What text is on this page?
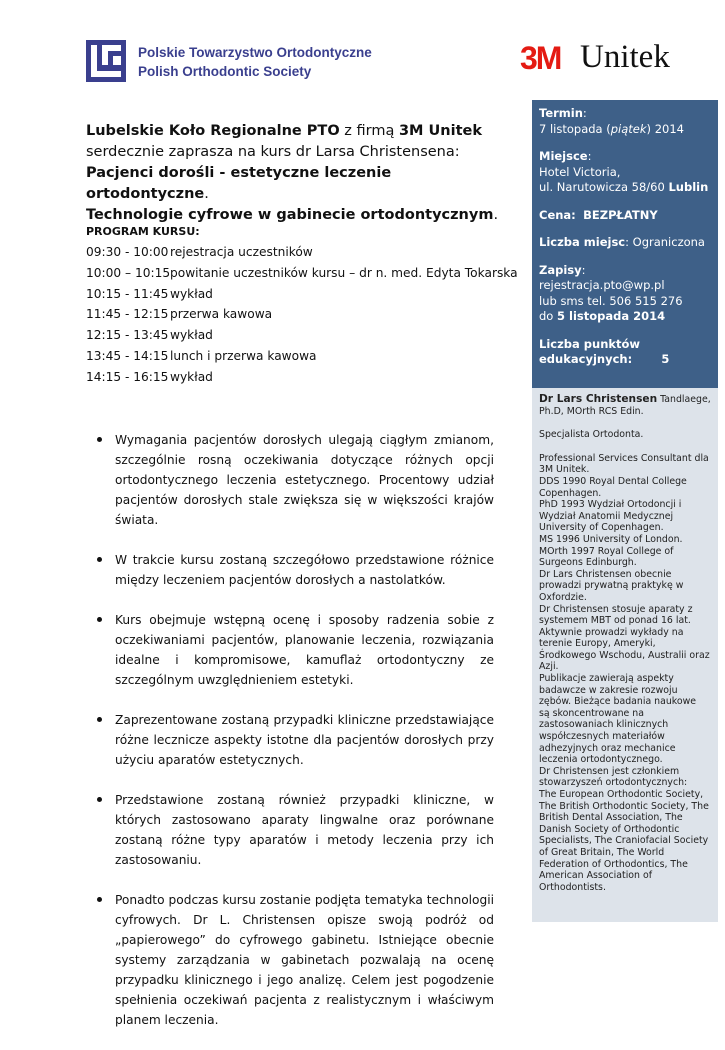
Polskie Towarzystwo Ortodontyczne
Polish Orthodontic Society	3M Unitek
Lubelskie Koło Regionalne PTO z firmą 3M Unitek serdecznie zaprasza na kurs dr Larsa Christensena:
Pacjenci dorośli - estetyczne leczenie ortodontyczne.
Technologie cyfrowe w gabinecie ortodontycznym.
PROGRAM KURSU:
09:30 - 10:00 rejestracja uczestników
10:00 – 10:15 powitanie uczestników kursu – dr n. med. Edyta Tokarska
10:15 - 11:45 wykład
11:45 - 12:15 przerwa kawowa
12:15 - 13:45 wykład
13:45 - 14:15 lunch i przerwa kawowa
14:15 - 16:15 wykład
Wymagania pacjentów dorosłych ulegają ciągłym zmianom, szczególnie rosną oczekiwania dotyczące różnych opcji ortodontycznego leczenia estetycznego. Procentowy udział pacjentów dorosłych stale zwiększa się w większości krajów świata.
W trakcie kursu zostaną szczegółowo przedstawione różnice między leczeniem pacjentów dorosłych a nastolatków.
Kurs obejmuje wstępną ocenę i sposoby radzenia sobie z oczekiwaniami pacjentów, planowanie leczenia, rozwiązania idealne i kompromisowe, kamuflaż ortodontyczny ze szczególnym uwzględnieniem estetyki.
Zaprezentowane zostaną przypadki kliniczne przedstawiające różne lecznicze aspekty istotne dla pacjentów dorosłych przy użyciu aparatów estetycznych.
Przedstawione zostaną również przypadki kliniczne, w których zastosowano aparaty lingwalne oraz porównane zostaną różne typy aparatów i metody leczenia przy ich zastosowaniu.
Ponadto podczas kursu zostanie podjęta tematyka technologii cyfrowych. Dr L. Christensen opisze swoją podróż od „papierowego” do cyfrowego gabinetu. Istniejące obecnie systemy zarządzania w gabinetach pozwalają na ocenę przypadku klinicznego i jego analizę. Celem jest pogodzenie spełnienia oczekiwań pacjenta z realistycznym i właściwym planem leczenia.
Termin:
7 listopada (piątek) 2014
Miejsce:
Hotel Victoria,
ul. Narutowicza 58/60 Lublin
Cena: BEZPŁATNY
Liczba miejsc: Ograniczona
Zapisy:
rejestracja.pto@wp.pl
lub sms tel. 506 515 276
do 5 listopada 2014
Liczba punktów
edukacyjnych:	5

Dr Lars Christensen Tandlaege,

Ph.D, MOrth RCS Edin.

Specjalista Ortodonta.

Professional Services Consultant dla
3M Unitek.
DDS 1990 Royal Dental College
Copenhagen.
PhD 1993 Wydział Ortodoncji i
Wydział Anatomii Medycznej
University of Copenhagen.
MS 1996 University of London.
MOrth 1997 Royal College of
Surgeons Edinburgh.
Dr Lars Christensen obecnie
prowadzi prywatną praktykę w
Oxfordzie.
Dr Christensen stosuje aparaty z
systemem MBT od ponad 16 lat.
Aktywnie prowadzi wykłady na
terenie Europy, Ameryki,
Środkowego Wschodu, Australii oraz
Azji.
Publikacje zawierają aspekty
badawcze w zakresie rozwoju
zębów. Bieżące badania naukowe
są skoncentrowane na
zastosowaniach klinicznych
współczesnych materiałów
adhezyjnych oraz mechanice
leczenia ortodontycznego.
Dr Christensen jest członkiem
stowarzyszeń ortodontycznych:
The European Orthodontic Society,
The British Orthodontic Society, The
British Dental Association, The
Danish Society of Orthodontic
Specialists, The Craniofacial Society
of Great Britain, The World
Federation of Orthodontics, The
American Association of
Orthodontists.
